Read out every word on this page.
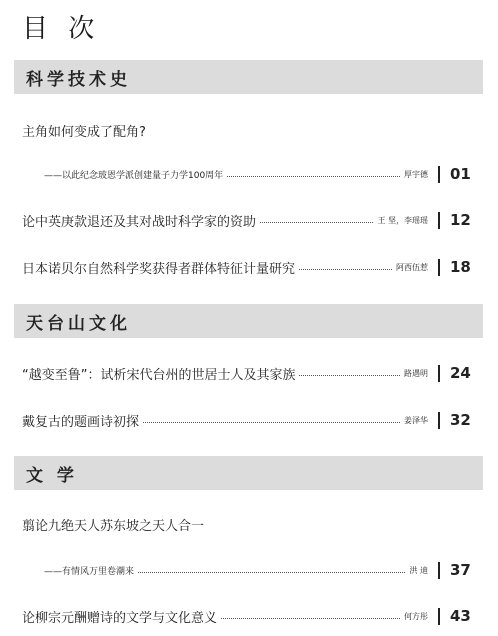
目 次
科学技术史
主角如何变成了配角?
——以此纪念玻恩学派创建量子力学100周年	厚宇德 01
论中英庚款退还及其对战时科学家的资助	王 坚，李瑶瑶 12
日本诺贝尔自然科学奖获得者群体特征计量研究	阿西伍惹 18
天台山文化
“越变至鲁”：试析宋代台州的世居士人及其家族	路遇明 24
戴复古的题画诗初探	姜泽华 32
文 学
翦论九绝天人苏东坡之天人合一
——有情风万里卷潮来	洪 迪 37
论柳宗元酬赠诗的文学与文化意义	何方彤 43
